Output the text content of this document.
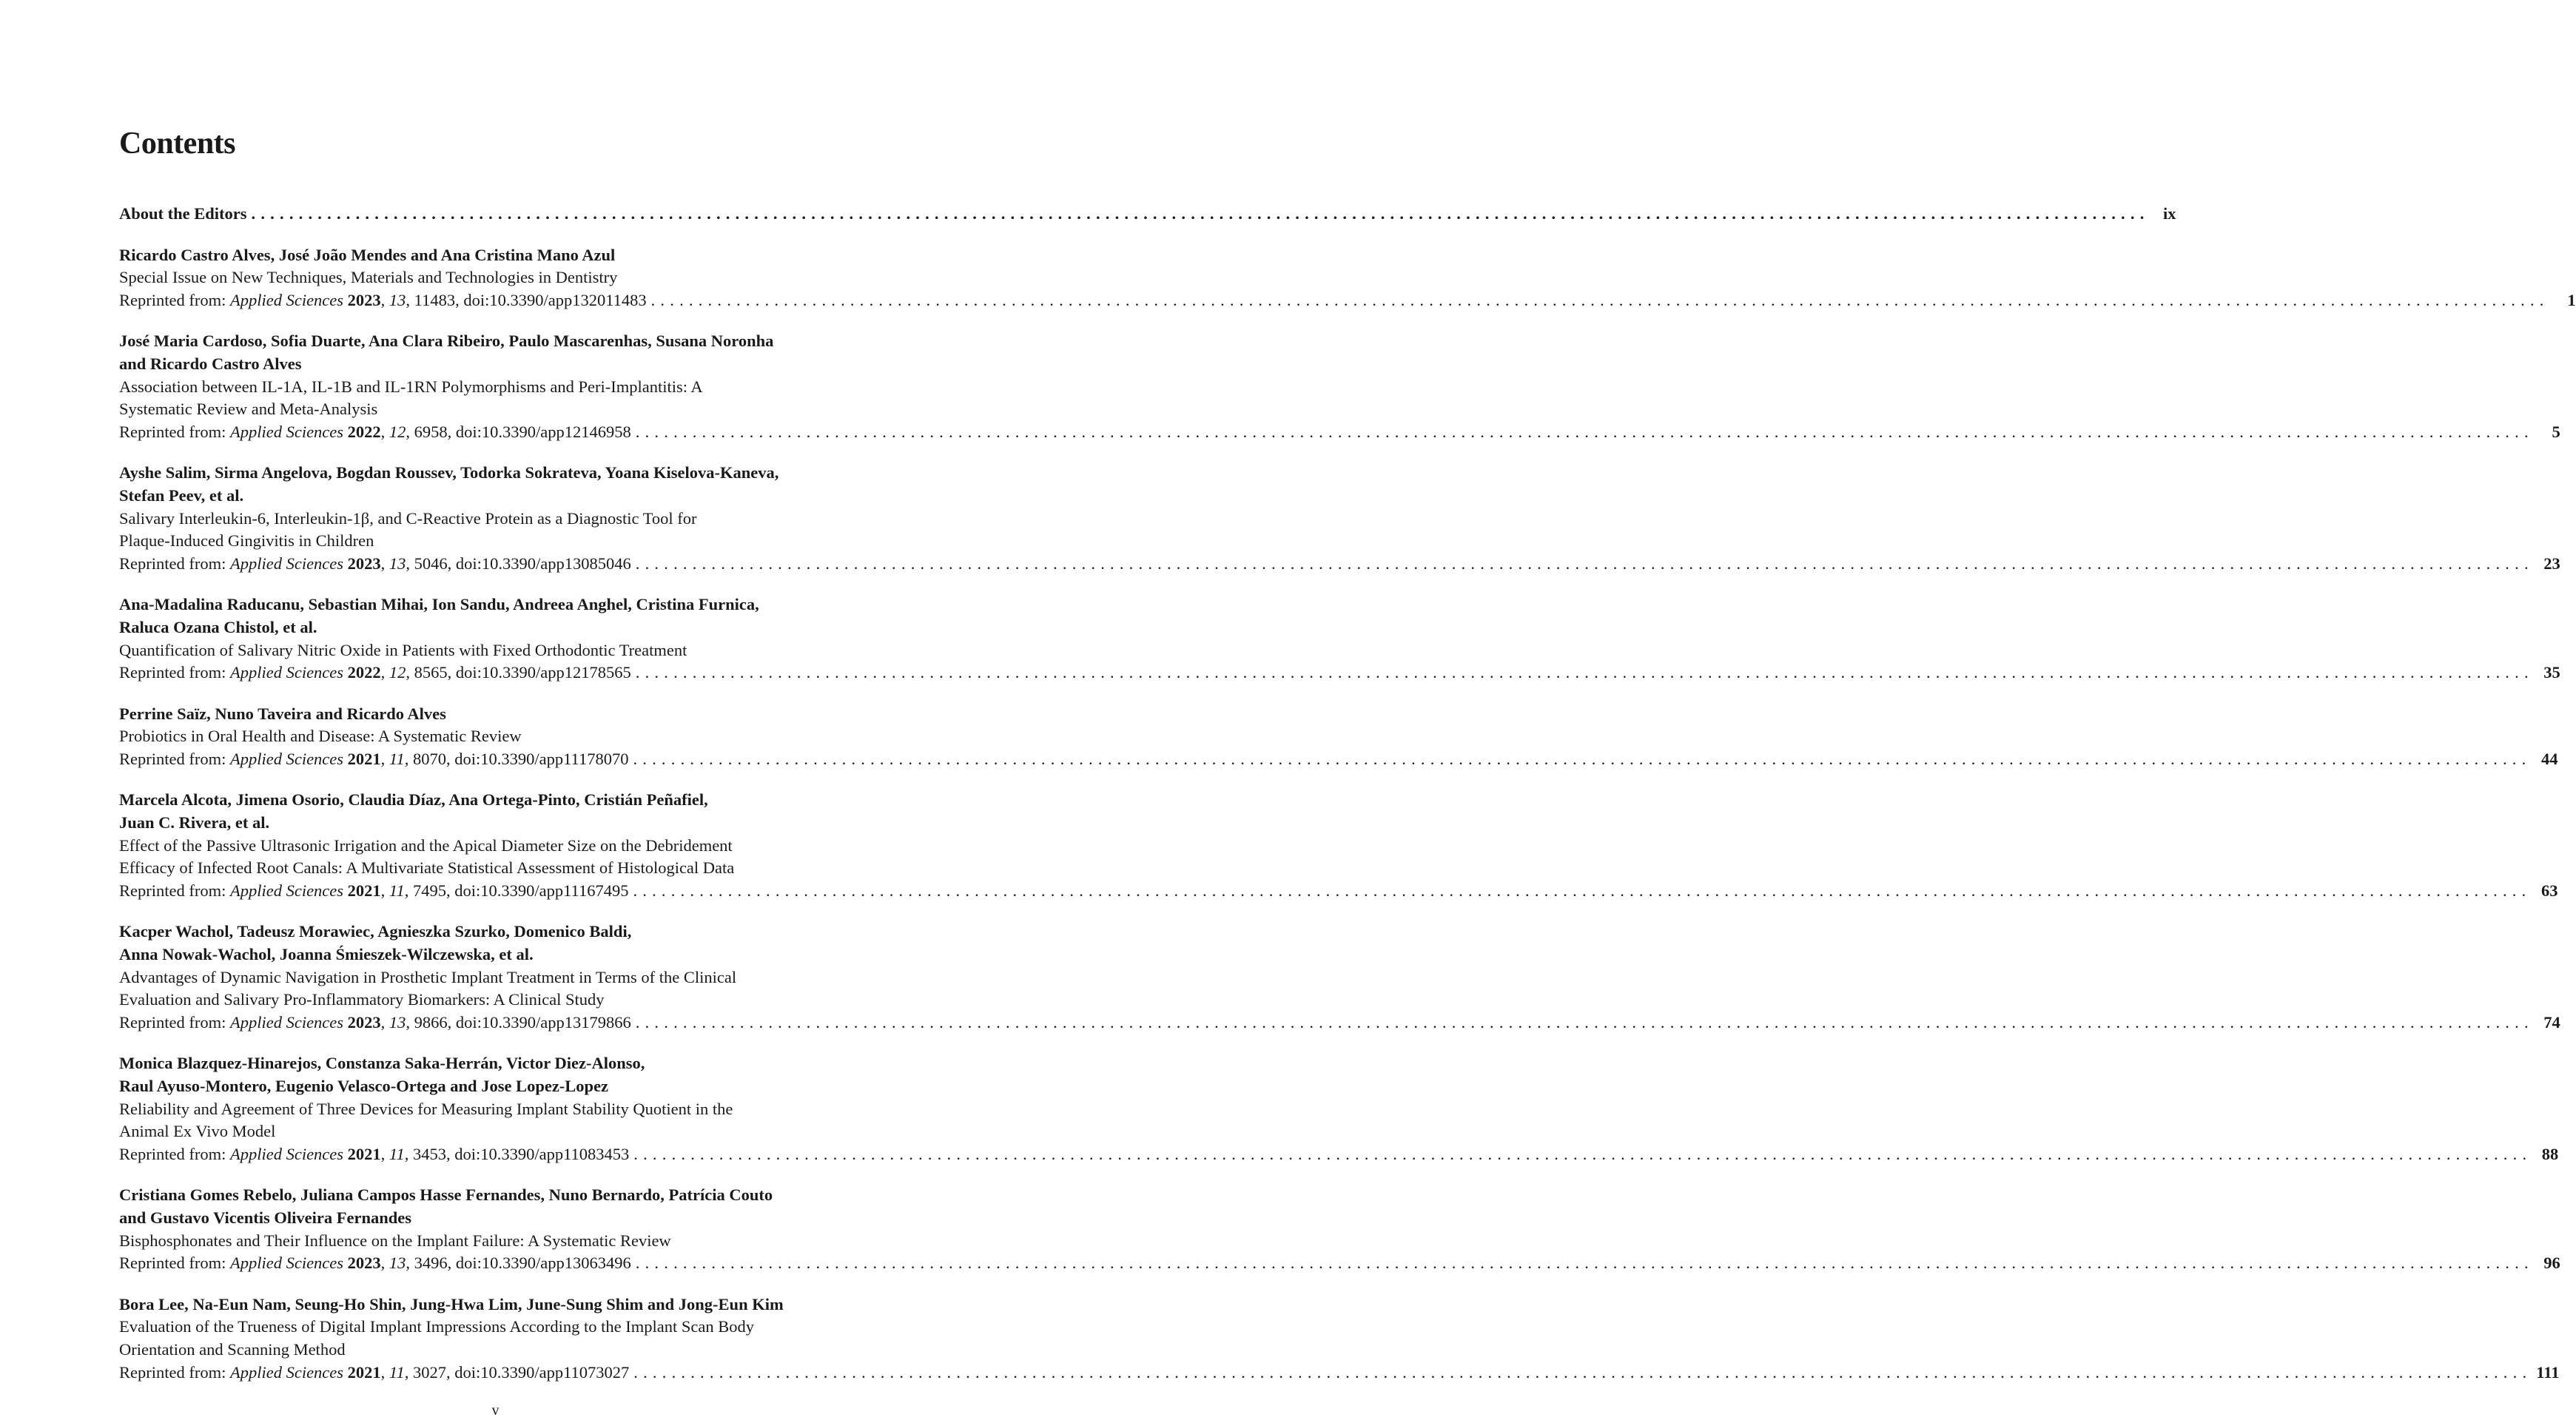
Contents
About the Editors ........................................................................................................................................................................................................ ix
Ricardo Castro Alves, José João Mendes and Ana Cristina Mano Azul
Special Issue on New Techniques, Materials and Technologies in Dentistry
Reprinted from: Applied Sciences 2023, 13, 11483, doi:10.3390/app132011483 ........................................................................................................................................................................................................	1
José Maria Cardoso, Sofia Duarte, Ana Clara Ribeiro, Paulo Mascarenhas, Susana Noronha
and Ricardo Castro Alves
Association between IL-1A, IL-1B and IL-1RN Polymorphisms and Peri-Implantitis: A
Systematic Review and Meta-Analysis
Reprinted from: Applied Sciences 2022, 12, 6958, doi:10.3390/app12146958 ........................................................................................................................................................................................................	5
Ayshe Salim, Sirma Angelova, Bogdan Roussev, Todorka Sokrateva, Yoana Kiselova-Kaneva,
Stefan Peev, et al.
Salivary Interleukin-6, Interleukin-1β, and C-Reactive Protein as a Diagnostic Tool for
Plaque-Induced Gingivitis in Children
Reprinted from: Applied Sciences 2023, 13, 5046, doi:10.3390/app13085046 ........................................................................................................................................................................................................ 23
Ana-Madalina Raducanu, Sebastian Mihai, Ion Sandu, Andreea Anghel, Cristina Furnica,
Raluca Ozana Chistol, et al.
Quantification of Salivary Nitric Oxide in Patients with Fixed Orthodontic Treatment
Reprinted from: Applied Sciences 2022, 12, 8565, doi:10.3390/app12178565 ........................................................................................................................................................................................................ 35
Perrine Saïz, Nuno Taveira and Ricardo Alves
Probiotics in Oral Health and Disease: A Systematic Review
Reprinted from: Applied Sciences 2021, 11, 8070, doi:10.3390/app11178070 ........................................................................................................................................................................................................ 44
Marcela Alcota, Jimena Osorio, Claudia Díaz, Ana Ortega-Pinto, Cristián Peñafiel,
Juan C. Rivera, et al.
Effect of the Passive Ultrasonic Irrigation and the Apical Diameter Size on the Debridement
Efficacy of Infected Root Canals: A Multivariate Statistical Assessment of Histological Data
Reprinted from: Applied Sciences 2021, 11, 7495, doi:10.3390/app11167495 ........................................................................................................................................................................................................ 63
Kacper Wachol, Tadeusz Morawiec, Agnieszka Szurko, Domenico Baldi,
Anna Nowak-Wachol, Joanna Śmieszek-Wilczewska, et al.
Advantages of Dynamic Navigation in Prosthetic Implant Treatment in Terms of the Clinical
Evaluation and Salivary Pro-Inflammatory Biomarkers: A Clinical Study
Reprinted from: Applied Sciences 2023, 13, 9866, doi:10.3390/app13179866 ........................................................................................................................................................................................................ 74
Monica Blazquez-Hinarejos, Constanza Saka-Herrán, Victor Diez-Alonso,
Raul Ayuso-Montero, Eugenio Velasco-Ortega and Jose Lopez-Lopez
Reliability and Agreement of Three Devices for Measuring Implant Stability Quotient in the
Animal Ex Vivo Model
Reprinted from: Applied Sciences 2021, 11, 3453, doi:10.3390/app11083453 ........................................................................................................................................................................................................ 88
Cristiana Gomes Rebelo, Juliana Campos Hasse Fernandes, Nuno Bernardo, Patrícia Couto
and Gustavo Vicentis Oliveira Fernandes
Bisphosphonates and Their Influence on the Implant Failure: A Systematic Review
Reprinted from: Applied Sciences 2023, 13, 3496, doi:10.3390/app13063496 ........................................................................................................................................................................................................ 96
Bora Lee, Na-Eun Nam, Seung-Ho Shin, Jung-Hwa Lim, June-Sung Shim and Jong-Eun Kim
Evaluation of the Trueness of Digital Implant Impressions According to the Implant Scan Body
Orientation and Scanning Method
Reprinted from: Applied Sciences 2021, 11, 3027, doi:10.3390/app11073027 ........................................................................................................................................................................................................ 111
v
